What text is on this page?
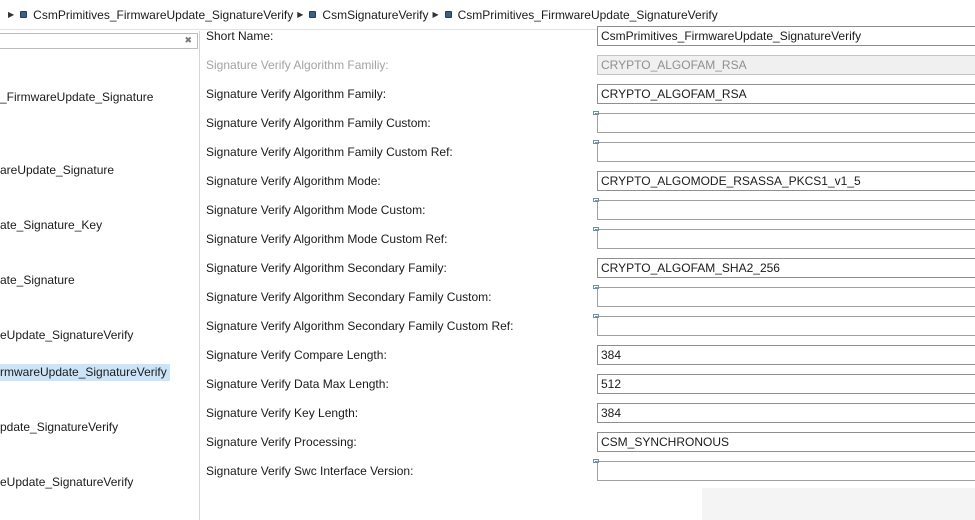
▶ CsmPrimitives_FirmwareUpdate_SignatureVerify ▶ CsmSignatureVerify ▶ CsmPrimitives_FirmwareUpdate_SignatureVerify
✖
_FirmwareUpdate_Signature
areUpdate_Signature
ate_Signature_Key
ate_Signature
eUpdate_SignatureVerify
rmwareUpdate_SignatureVerify
pdate_SignatureVerify
eUpdate_SignatureVerify
Short Name:	CsmPrimitives_FirmwareUpdate_SignatureVerify
Signature Verify Algorithm Familiy:	CRYPTO_ALGOFAM_RSA
Signature Verify Algorithm Family:	CRYPTO_ALGOFAM_RSA
Signature Verify Algorithm Family Custom:
Signature Verify Algorithm Family Custom Ref:
Signature Verify Algorithm Mode:	CRYPTO_ALGOMODE_RSASSA_PKCS1_v1_5
Signature Verify Algorithm Mode Custom:
Signature Verify Algorithm Mode Custom Ref:
Signature Verify Algorithm Secondary Family:	CRYPTO_ALGOFAM_SHA2_256
Signature Verify Algorithm Secondary Family Custom:
Signature Verify Algorithm Secondary Family Custom Ref:
Signature Verify Compare Length:	384
Signature Verify Data Max Length:	512
Signature Verify Key Length:	384
Signature Verify Processing:	CSM_SYNCHRONOUS
Signature Verify Swc Interface Version:
